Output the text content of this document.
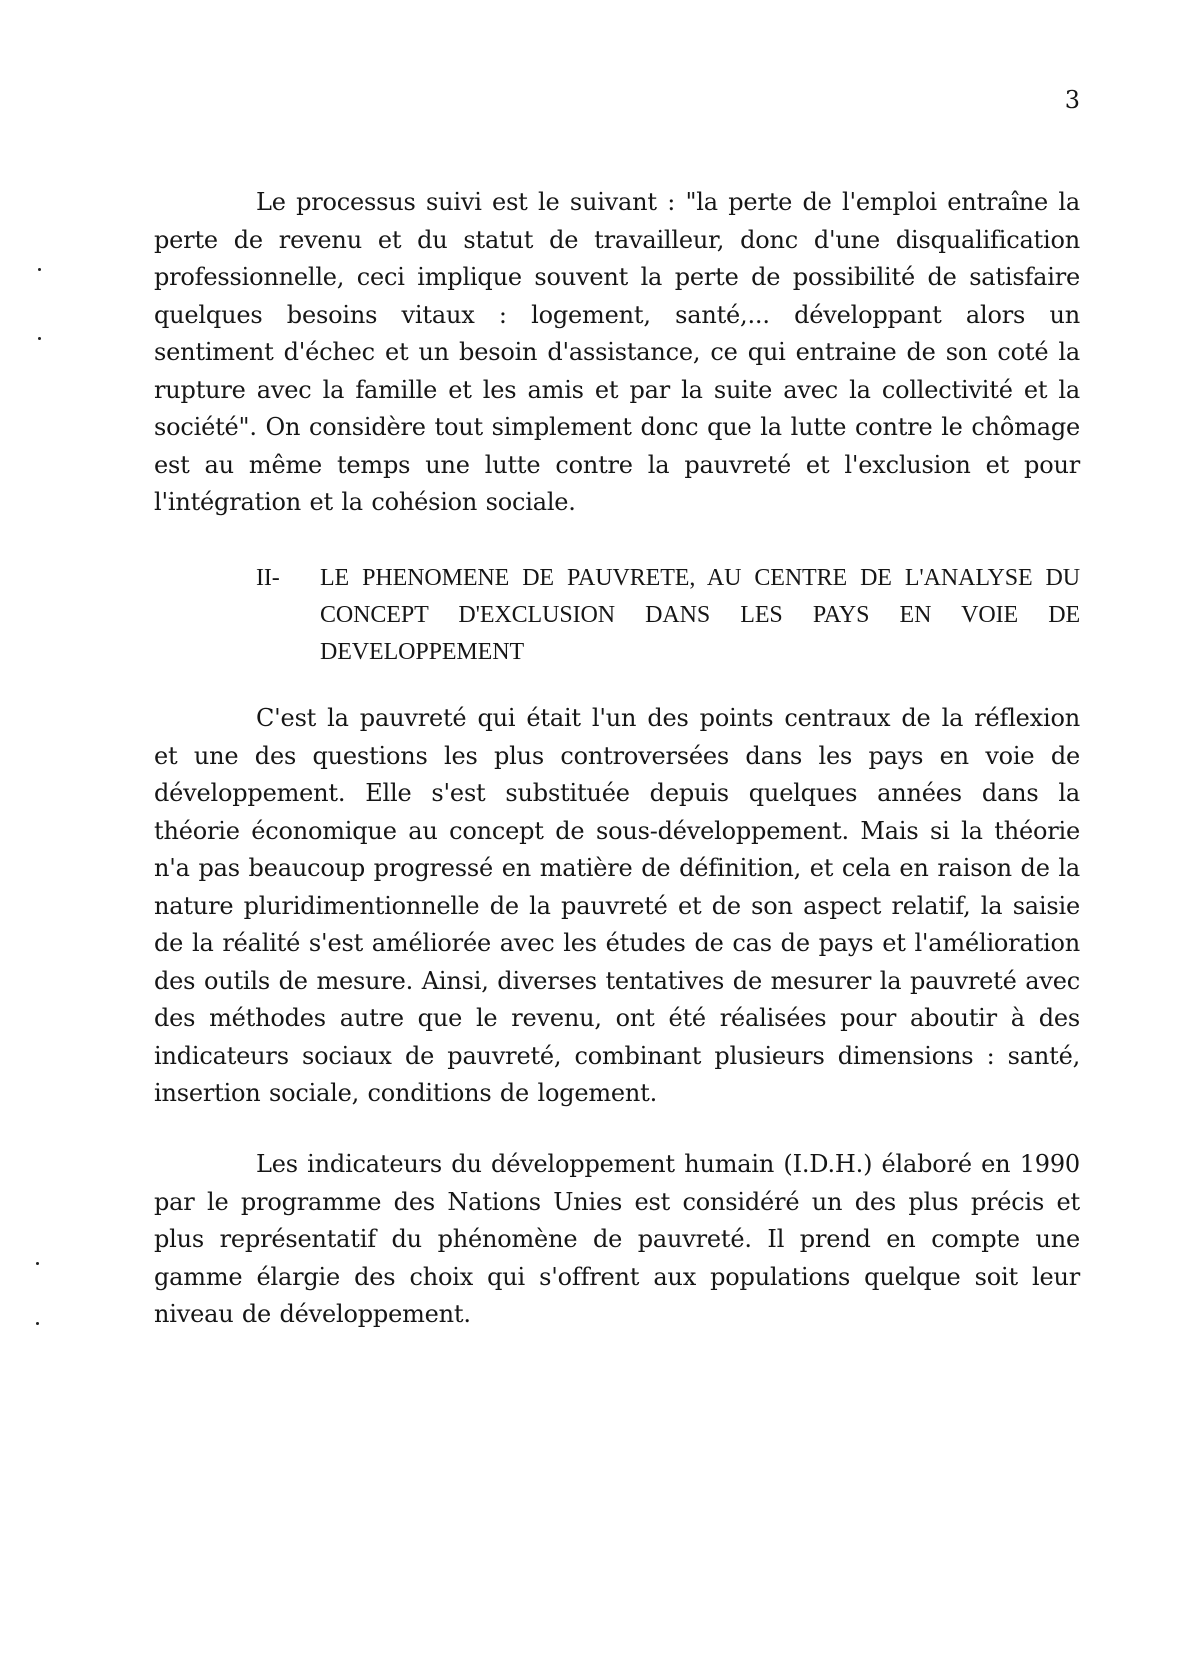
3

Le processus suivi est le suivant : "la perte de l'emploi entraîne la perte de revenu et du statut de travailleur, donc d'une disqualification professionnelle, ceci implique souvent la perte de possibilité de satisfaire quelques besoins vitaux : logement, santé,... développant alors un sentiment d'échec et un besoin d'assistance, ce qui entraine de son coté la rupture avec la famille et les amis et par la suite avec la collectivité et la société". On considère tout simplement donc que la lutte contre le chômage est au même temps une lutte contre la pauvreté et l'exclusion et pour l'intégration et la cohésion sociale.

II-	LE PHENOMENE DE PAUVRETE, AU CENTRE DE L'ANALYSE DU CONCEPT D'EXCLUSION DANS LES PAYS EN VOIE DE DEVELOPPEMENT

C'est la pauvreté qui était l'un des points centraux de la réflexion et une des questions les plus controversées dans les pays en voie de développement. Elle s'est substituée depuis quelques années dans la théorie économique au concept de sous-développement. Mais si la théorie n'a pas beaucoup progressé en matière de définition, et cela en raison de la nature pluridimentionnelle de la pauvreté et de son aspect relatif, la saisie de la réalité s'est améliorée avec les études de cas de pays et l'amélioration des outils de mesure. Ainsi, diverses tentatives de mesurer la pauvreté avec des méthodes autre que le revenu, ont été réalisées pour aboutir à des indicateurs sociaux de pauvreté, combinant plusieurs dimensions : santé, insertion sociale, conditions de logement.

Les indicateurs du développement humain (I.D.H.) élaboré en 1990 par le programme des Nations Unies est considéré un des plus précis et plus représentatif du phénomène de pauvreté. Il prend en compte une gamme élargie des choix qui s'offrent aux populations quelque soit leur niveau de développement.
